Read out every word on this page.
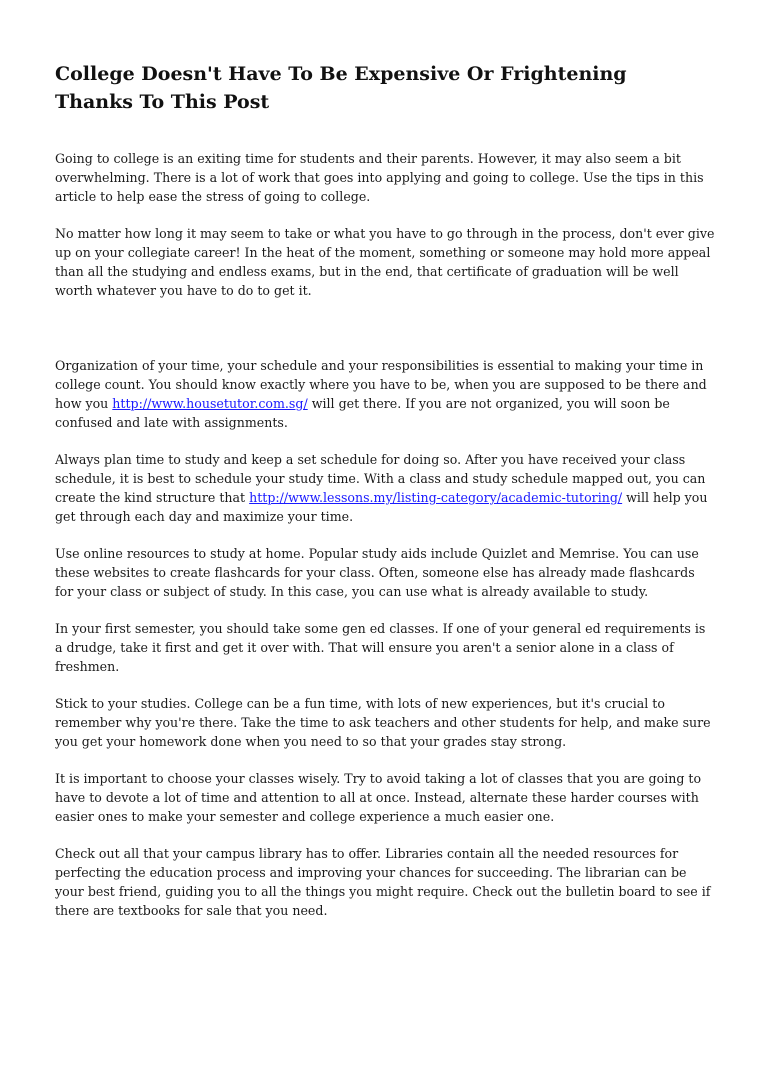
College Doesn't Have To Be Expensive Or Frightening
Thanks To This Post

Going to college is an exiting time for students and their parents. However, it may also seem a bit overwhelming. There is a lot of work that goes into applying and going to college. Use the tips in this article to help ease the stress of going to college.

No matter how long it may seem to take or what you have to go through in the process, don't ever give up on your collegiate career! In the heat of the moment, something or someone may hold more appeal than all the studying and endless exams, but in the end, that certificate of graduation will be well worth whatever you have to do to get it.

Organization of your time, your schedule and your responsibilities is essential to making your time in college count. You should know exactly where you have to be, when you are supposed to be there and how you http://www.housetutor.com.sg/ will get there. If you are not organized, you will soon be confused and late with assignments.

Always plan time to study and keep a set schedule for doing so. After you have received your class schedule, it is best to schedule your study time. With a class and study schedule mapped out, you can create the kind structure that http://www.lessons.my/listing-category/academic-tutoring/ will help you get through each day and maximize your time.

Use online resources to study at home. Popular study aids include Quizlet and Memrise. You can use these websites to create flashcards for your class. Often, someone else has already made flashcards for your class or subject of study. In this case, you can use what is already available to study.

In your first semester, you should take some gen ed classes. If one of your general ed requirements is a drudge, take it first and get it over with. That will ensure you aren't a senior alone in a class of freshmen.

Stick to your studies. College can be a fun time, with lots of new experiences, but it's crucial to remember why you're there. Take the time to ask teachers and other students for help, and make sure you get your homework done when you need to so that your grades stay strong.

It is important to choose your classes wisely. Try to avoid taking a lot of classes that you are going to have to devote a lot of time and attention to all at once. Instead, alternate these harder courses with easier ones to make your semester and college experience a much easier one.

Check out all that your campus library has to offer. Libraries contain all the needed resources for perfecting the education process and improving your chances for succeeding. The librarian can be your best friend, guiding you to all the things you might require. Check out the bulletin board to see if there are textbooks for sale that you need.
